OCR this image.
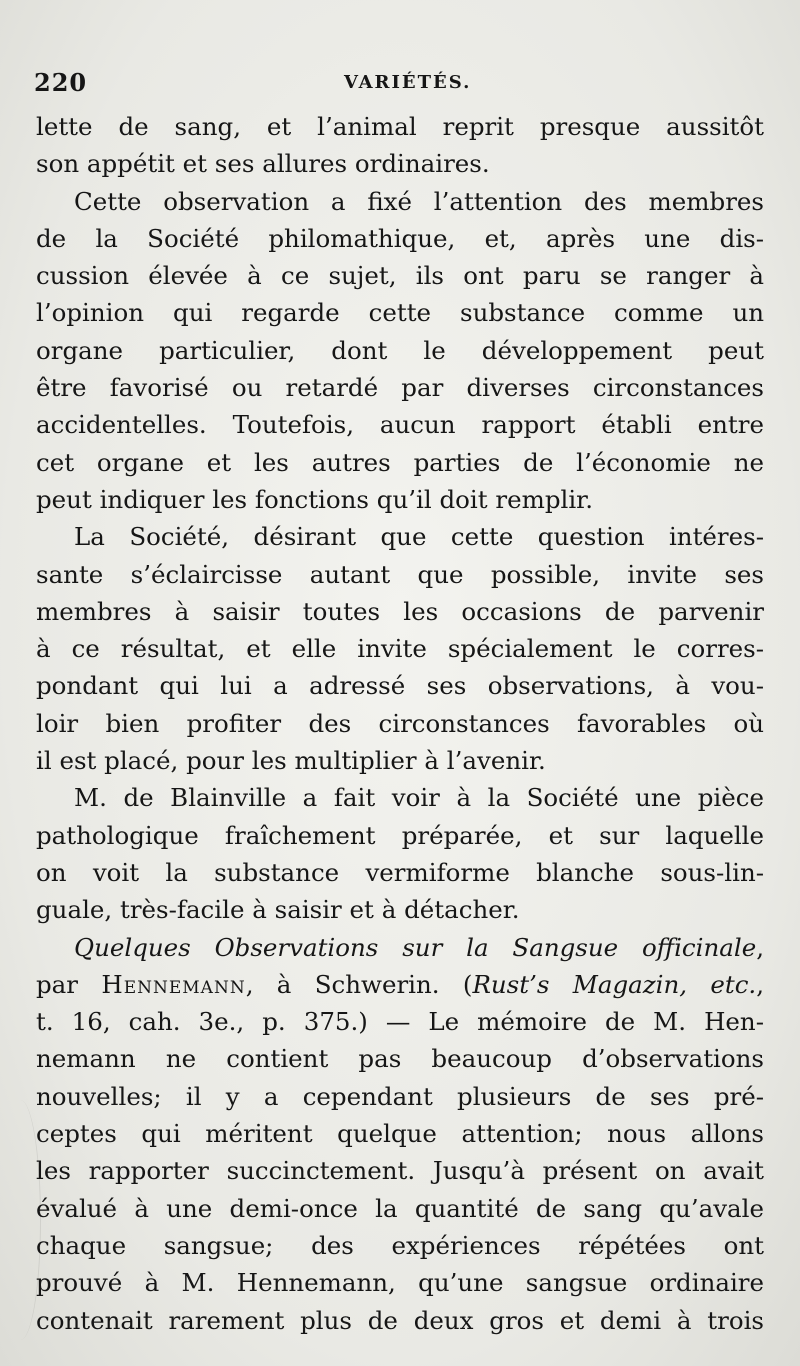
220	VARIÉTÉS.
lette de sang, et l’animal reprit presque aussitôt
son appétit et ses allures ordinaires.
Cette observation a fixé l’attention des membres
de la Société philomathique, et, après une dis-
cussion élevée à ce sujet, ils ont paru se ranger à
l’opinion qui regarde cette substance comme un
organe particulier, dont le développement peut
être favorisé ou retardé par diverses circonstances
accidentelles. Toutefois, aucun rapport établi entre
cet organe et les autres parties de l’économie ne
peut indiquer les fonctions qu’il doit remplir.
La Société, désirant que cette question intéres-
sante s’éclaircisse autant que possible, invite ses
membres à saisir toutes les occasions de parvenir
à ce résultat, et elle invite spécialement le corres-
pondant qui lui a adressé ses observations, à vou-
loir bien profiter des circonstances favorables où
il est placé, pour les multiplier à l’avenir.
M. de Blainville a fait voir à la Société une pièce
pathologique fraîchement préparée, et sur laquelle
on voit la substance vermiforme blanche sous-lin-
guale, très-facile à saisir et à détacher.
Quelques Observations sur la Sangsue officinale,
par Hennemann, à Schwerin. (Rust’s Magazin, etc.,
t. 16, cah. 3e., p. 375.) — Le mémoire de M. Hen-
nemann ne contient pas beaucoup d’observations
nouvelles; il y a cependant plusieurs de ses pré-
ceptes qui méritent quelque attention; nous allons
les rapporter succinctement. Jusqu’à présent on avait
évalué à une demi-once la quantité de sang qu’avale
chaque sangsue; des expériences répétées ont
prouvé à M. Hennemann, qu’une sangsue ordinaire
contenait rarement plus de deux gros et demi à trois
